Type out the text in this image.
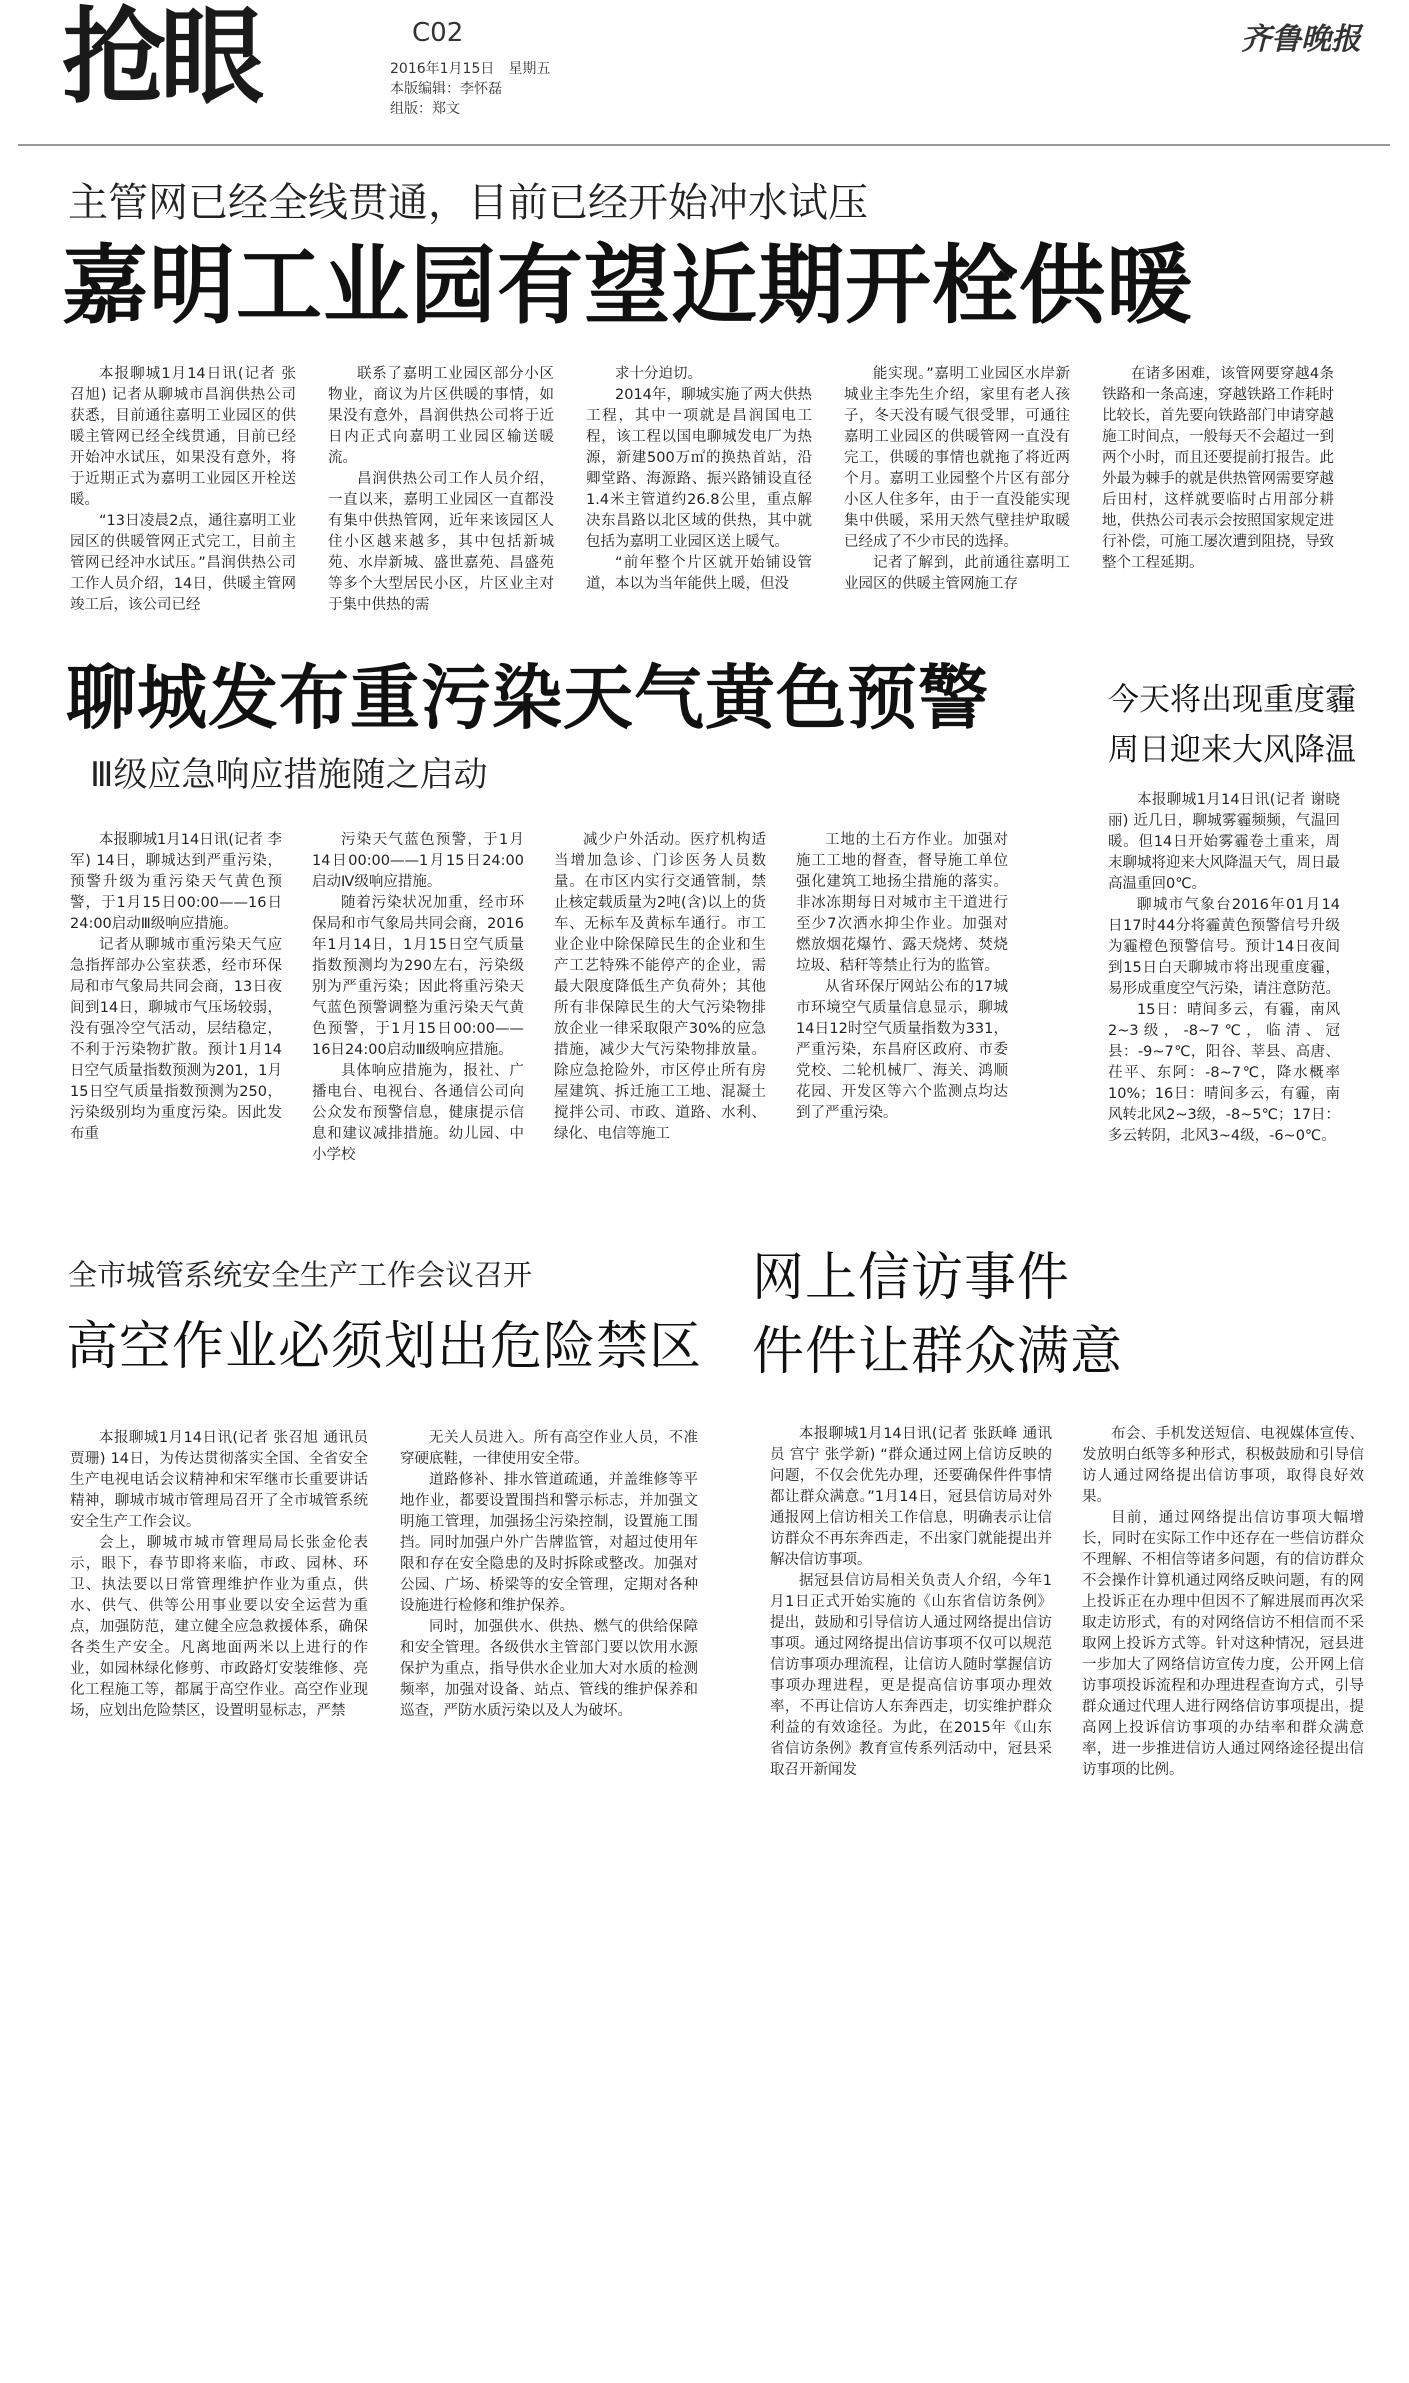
抢眼	C02
2016年1月15日　星期五
本版编辑：李怀磊
组版：郑文
齐鲁晚报
主管网已经全线贯通，目前已经开始冲水试压
嘉明工业园有望近期开栓供暖

本报聊城1月14日讯(记者 张召旭) 记者从聊城市昌润供热公司获悉，目前通往嘉明工业园区的供暖主管网已经全线贯通，目前已经开始冲水试压，如果没有意外，将于近期正式为嘉明工业园区开栓送暖。

“13日凌晨2点，通往嘉明工业园区的供暖管网正式完工，目前主管网已经冲水试压。”昌润供热公司工作人员介绍，14日，供暖主管网竣工后，该公司已经

联系了嘉明工业园区部分小区物业，商议为片区供暖的事情，如果没有意外，昌润供热公司将于近日内正式向嘉明工业园区输送暖流。

昌润供热公司工作人员介绍，一直以来，嘉明工业园区一直都没有集中供热管网，近年来该园区人住小区越来越多，其中包括新城苑、水岸新城、盛世嘉苑、昌盛苑等多个大型居民小区，片区业主对于集中供热的需

求十分迫切。

2014年，聊城实施了两大供热工程，其中一项就是昌润国电工程，该工程以国电聊城发电厂为热源，新建500万㎡的换热首站，沿卿堂路、海源路、振兴路铺设直径1.4米主管道约26.8公里，重点解决东昌路以北区域的供热，其中就包括为嘉明工业园区送上暖气。

“前年整个片区就开始铺设管道，本以为当年能供上暖，但没

能实现。”嘉明工业园区水岸新城业主李先生介绍，家里有老人孩子，冬天没有暖气很受罪，可通往嘉明工业园区的供暖管网一直没有完工，供暖的事情也就拖了将近两个月。嘉明工业园整个片区有部分小区人住多年，由于一直没能实现集中供暖，采用天然气壁挂炉取暖已经成了不少市民的选择。

记者了解到，此前通往嘉明工业园区的供暖主管网施工存

在诸多困难，该管网要穿越4条铁路和一条高速，穿越铁路工作耗时比较长，首先要向铁路部门申请穿越施工时间点，一般每天不会超过一到两个小时，而且还要提前打报告。此外最为棘手的就是供热管网需要穿越后田村，这样就要临时占用部分耕地，供热公司表示会按照国家规定进行补偿，可施工屡次遭到阻挠，导致整个工程延期。

聊城发布重污染天气黄色预警
Ⅲ级应急响应措施随之启动

本报聊城1月14日讯(记者 李军) 14日，聊城达到严重污染，预警升级为重污染天气黄色预警，于1月15日00:00——16日24:00启动Ⅲ级响应措施。

记者从聊城市重污染天气应急指挥部办公室获悉，经市环保局和市气象局共同会商，13日夜间到14日，聊城市气压场较弱，没有强冷空气活动，层结稳定，不利于污染物扩散。预计1月14日空气质量指数预测为201，1月15日空气质量指数预测为250，污染级别均为重度污染。因此发布重

污染天气蓝色预警，于1月14日00:00——1月15日24:00启动Ⅳ级响应措施。

随着污染状况加重，经市环保局和市气象局共同会商，2016年1月14日，1月15日空气质量指数预测均为290左右，污染级别为严重污染；因此将重污染天气蓝色预警调整为重污染天气黄色预警，于1月15日00:00——16日24:00启动Ⅲ级响应措施。

具体响应措施为，报社、广播电台、电视台、各通信公司向公众发布预警信息，健康提示信息和建议减排措施。幼儿园、中小学校

减少户外活动。医疗机构适当增加急诊、门诊医务人员数量。在市区内实行交通管制，禁止核定载质量为2吨(含)以上的货车、无标车及黄标车通行。市工业企业中除保障民生的企业和生产工艺特殊不能停产的企业，需最大限度降低生产负荷外；其他所有非保障民生的大气污染物排放企业一律采取限产30%的应急措施，减少大气污染物排放量。除应急抢险外，市区停止所有房屋建筑、拆迁施工工地、混凝土搅拌公司、市政、道路、水利、绿化、电信等施工

工地的土石方作业。加强对施工工地的督查，督导施工单位强化建筑工地扬尘措施的落实。非冰冻期每日对城市主干道进行至少7次洒水抑尘作业。加强对燃放烟花爆竹、露天烧烤、焚烧垃圾、秸秆等禁止行为的监管。

从省环保厅网站公布的17城市环境空气质量信息显示，聊城14日12时空气质量指数为331，严重污染，东昌府区政府、市委党校、二轮机械厂、海关、鸿顺花园、开发区等六个监测点均达到了严重污染。

今天将出现重度霾
周日迎来大风降温

本报聊城1月14日讯(记者 谢晓丽) 近几日，聊城雾霾频频，气温回暖。但14日开始雾霾卷土重来，周末聊城将迎来大风降温天气，周日最高温重回0℃。

聊城市气象台2016年01月14日17时44分将霾黄色预警信号升级为霾橙色预警信号。预计14日夜间到15日白天聊城市将出现重度霾，易形成重度空气污染，请注意防范。

15日：晴间多云，有霾，南风2~3级，-8~7℃，临清、冠县：-9~7℃，阳谷、莘县、高唐、茌平、东阿：-8~7℃，降水概率10%；16日：晴间多云，有霾，南风转北风2~3级，-8~5℃；17日：多云转阴，北风3~4级，-6~0℃。

全市城管系统安全生产工作会议召开
高空作业必须划出危险禁区

本报聊城1月14日讯(记者 张召旭 通讯员 贾珊) 14日，为传达贯彻落实全国、全省安全生产电视电话会议精神和宋军继市长重要讲话精神，聊城市城市管理局召开了全市城管系统安全生产工作会议。

会上，聊城市城市管理局局长张金伦表示，眼下，春节即将来临，市政、园林、环卫、执法要以日常管理维护作业为重点，供水、供气、供等公用事业要以安全运营为重点，加强防范，建立健全应急救援体系，确保各类生产安全。凡离地面两米以上进行的作业，如园林绿化修剪、市政路灯安装维修、亮化工程施工等，都属于高空作业。高空作业现场，应划出危险禁区，设置明显标志，严禁

无关人员进入。所有高空作业人员，不准穿硬底鞋，一律使用安全带。

道路修补、排水管道疏通，并盖维修等平地作业，都要设置围挡和警示标志，并加强文明施工管理，加强扬尘污染控制，设置施工围挡。同时加强户外广告牌监管，对超过使用年限和存在安全隐患的及时拆除或整改。加强对公园、广场、桥梁等的安全管理，定期对各种设施进行检修和维护保养。

同时，加强供水、供热、燃气的供给保障和安全管理。各级供水主管部门要以饮用水源保护为重点，指导供水企业加大对水质的检测频率，加强对设备、站点、管线的维护保养和巡查，严防水质污染以及人为破坏。

网上信访事件
件件让群众满意

本报聊城1月14日讯(记者 张跃峰 通讯员 宫宁 张学新) “群众通过网上信访反映的问题，不仅会优先办理，还要确保件件事情都让群众满意。”1月14日，冠县信访局对外通报网上信访相关工作信息，明确表示让信访群众不再东奔西走，不出家门就能提出并解决信访事项。

据冠县信访局相关负责人介绍，今年1月1日正式开始实施的《山东省信访条例》提出，鼓励和引导信访人通过网络提出信访事项。通过网络提出信访事项不仅可以规范信访事项办理流程，让信访人随时掌握信访事项办理进程，更是提高信访事项办理效率，不再让信访人东奔西走，切实维护群众利益的有效途径。为此，在2015年《山东省信访条例》教育宣传系列活动中，冠县采取召开新闻发

布会、手机发送短信、电视媒体宣传、发放明白纸等多种形式，积极鼓励和引导信访人通过网络提出信访事项，取得良好效果。

目前，通过网络提出信访事项大幅增长，同时在实际工作中还存在一些信访群众不理解、不相信等诸多问题，有的信访群众不会操作计算机通过网络反映问题，有的网上投诉正在办理中但因不了解进展而再次采取走访形式，有的对网络信访不相信而不采取网上投诉方式等。针对这种情况，冠县进一步加大了网络信访宣传力度，公开网上信访事项投诉流程和办理进程查询方式，引导群众通过代理人进行网络信访事项提出，提高网上投诉信访事项的办结率和群众满意率，进一步推进信访人通过网络途径提出信访事项的比例。
